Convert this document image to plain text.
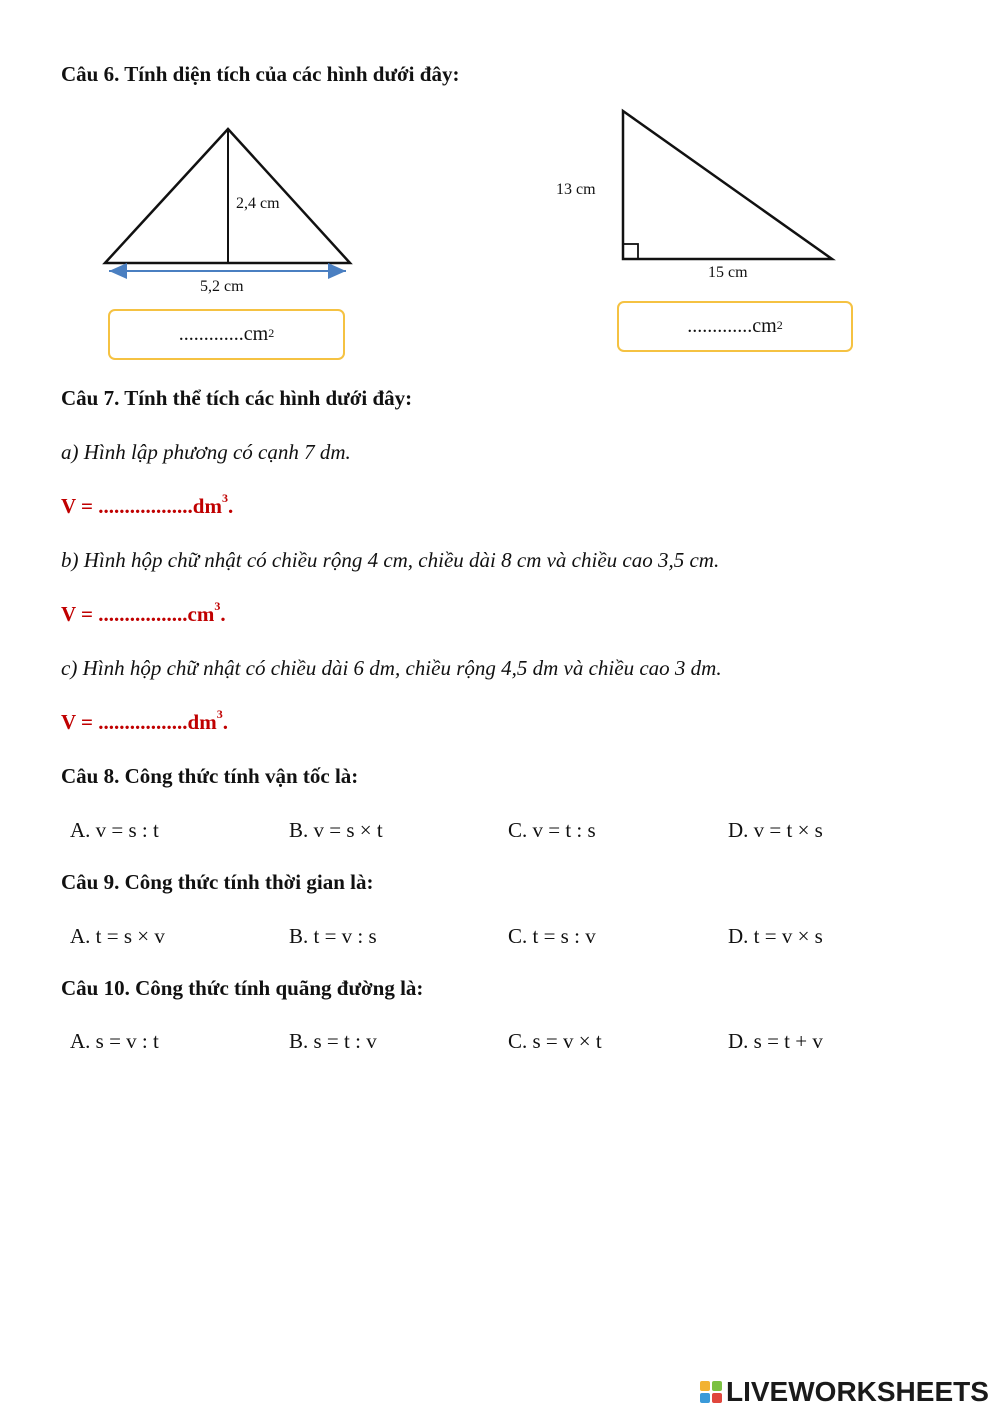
Câu 6. Tính diện tích của các hình dưới đây:
2,4 cm
5,2 cm
............. $cm^2$
13 cm
15 cm
............. $cm^2$
Câu 7. Tính thể tích các hình dưới đây:
a) Hình lập phương có cạnh 7 dm.
$V = ..................dm^3$.
b) Hình hộp chữ nhật có chiều rộng 4 cm, chiều dài 8 cm và chiều cao 3,5 cm.
$V = .................cm^3$.
c) Hình hộp chữ nhật có chiều dài 6 dm, chiều rộng 4,5 dm và chiều cao 3 dm.
$V = .................dm^3$.
Câu 8. Công thức tính vận tốc là:
A. v = s : t	B. v = s × t	C. v = t : s	D. v = t × s
Câu 9. Công thức tính thời gian là:
A. t = s × v	B. t = v : s	C. t = s : v	D. t = v × s
Câu 10. Công thức tính quãng đường là:
A. s = v : t	B. s = t : v	C. s = v × t	D. s = t + v
LIVEWORKSHEETS
